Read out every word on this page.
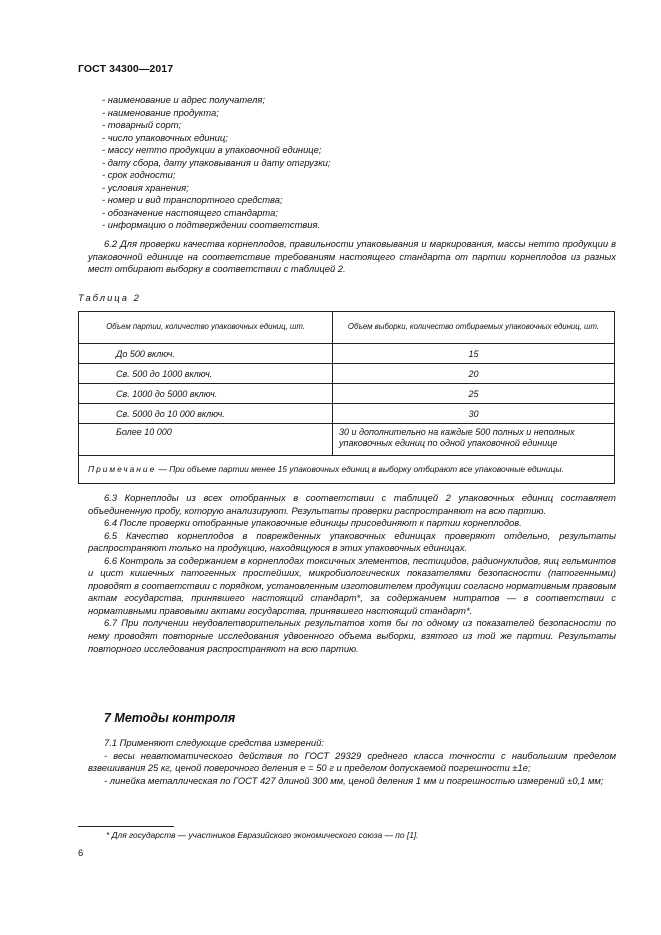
ГОСТ 34300—2017
- наименование и адрес получателя;
- наименование продукта;
- товарный сорт;
- число упаковочных единиц;
- массу нетто продукции в упаковочной единице;
- дату сбора, дату упаковывания и дату отгрузки;
- срок годности;
- условия хранения;
- номер и вид транспортного средства;
- обозначение настоящего стандарта;
- информацию о подтверждении соответствия.

6.2 Для проверки качества корнеплодов, правильности упаковывания и маркирования, массы нетто продукции в упаковочной единице на соответствие требованиям настоящего стандарта от партии корнеплодов из разных мест отбирают выборку в соответствии с таблицей 2.

Таблица 2
Объем партии, количество упаковочных единиц, шт.	Объем выборки, количество отбираемых упаковочных единиц, шт.
До 500 включ.	15
Св. 500 до 1000 включ.	20
Св. 1000 до 5000 включ.	25
Св. 5000 до 10 000 включ.	30
Более 10 000	30 и дополнительно на каждые 500 полных и неполных упаковочных единиц по одной упаковочной единице
Примечание — При объеме партии менее 15 упаковочных единиц в выборку отбирают все упаковочные единицы.	

6.3 Корнеплоды из всех отобранных в соответствии с таблицей 2 упаковочных единиц составляет объединенную пробу, которую анализируют. Результаты проверки распространяют на всю партию.

6.4 После проверки отобранные упаковочные единицы присоединяют к партии корнеплодов.

6.5 Качество корнеплодов в поврежденных упаковочных единицах проверяют отдельно, результаты распространяют только на продукцию, находящуюся в этих упаковочных единицах.

6.6 Контроль за содержанием в корнеплодах токсичных элементов, пестицидов, радионуклидов, яиц гельминтов и цист кишечных патогенных простейших, микробиологических показателями безопасности (патогенными) проводят в соответствии с порядком, установленным изготовителем продукции согласно нормативным правовым актам государства, принявшего настоящий стандарт*, за содержанием нитратов — в соответствии с нормативными правовыми актами государства, принявшего настоящий стандарт*.

6.7 При получении неудовлетворительных результатов хотя бы по одному из показателей безопасности по нему проводят повторные исследования удвоенного объема выборки, взятого из той же партии. Результаты повторного исследования распространяют на всю партию.

7 Методы контроля

7.1 Применяют следующие средства измерений:

- весы неавтоматического действия по ГОСТ 29329 среднего класса точности с наибольшим пределом взвешивания 25 кг, ценой поверочного деления e = 50 г и пределом допускаемой погрешности ±1e;

- линейка металлическая по ГОСТ 427 длиной 300 мм, ценой деления 1 мм и погрешностью измерений ±0,1 мм;

* Для государств — участников Евразийского экономического союза — по [1].
6
